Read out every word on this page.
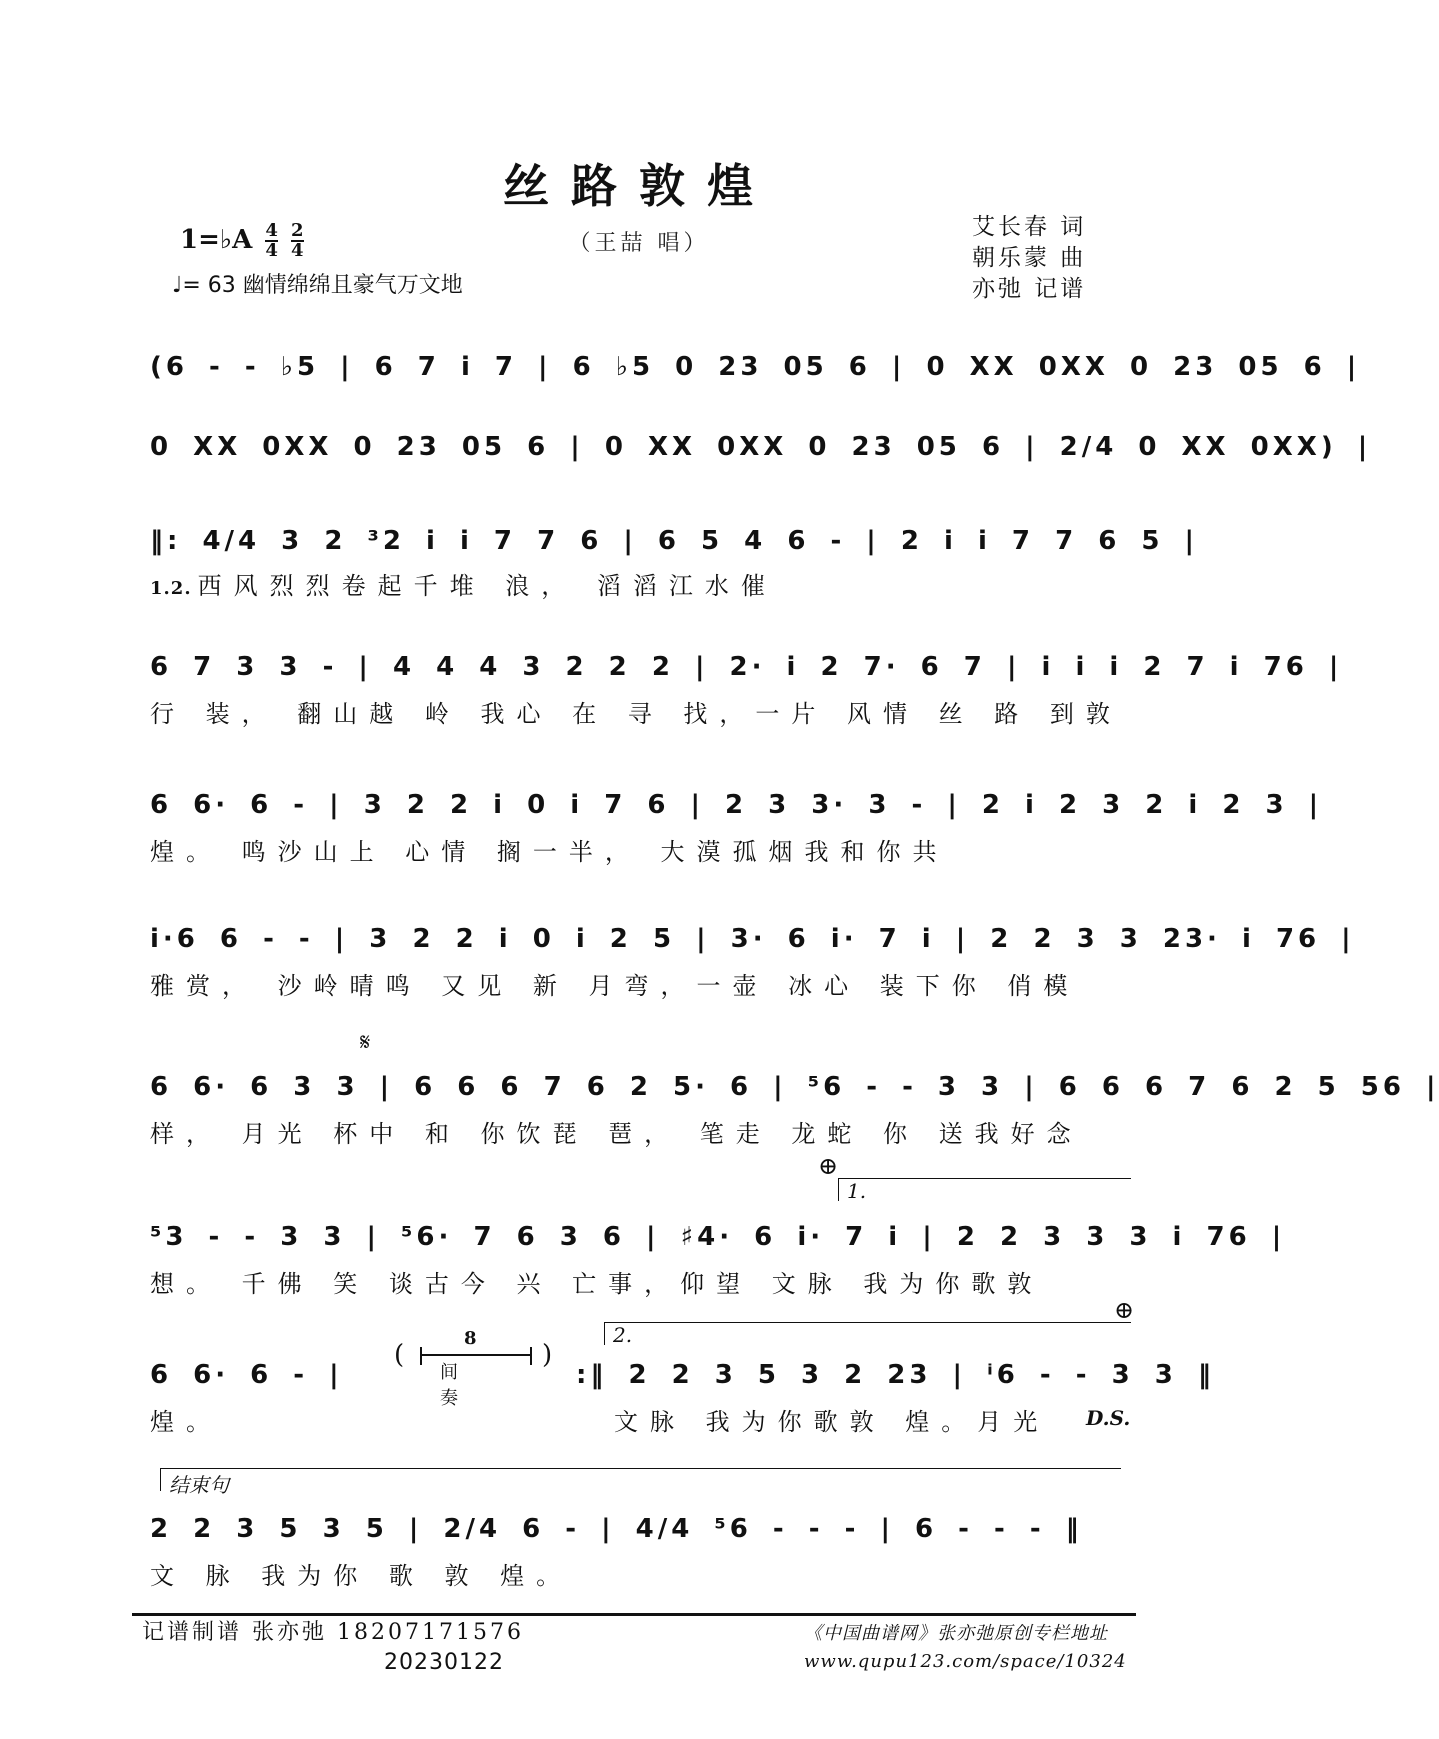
丝路敦煌
（王喆 唱）
1=♭A $\frac{4}{4}$
$\frac{2}{4}$
♩= 63 幽情绵绵且豪气万文地
艾长春 词
朝乐蒙 曲
亦弛 记谱
(6 - - ♭5 | 6 7 i 7 | 6 ♭5 0 23 05 6 | 0 XX 0XX 0 23 05 6 |
0 XX 0XX 0 23 05 6 | 0 XX 0XX 0 23 05 6 | 2/4 0 XX 0XX) |
‖: 4/4 3 2 ³2 i i 7 7 6 | 6 5 4 6 - | 2 i i 7 7 6 5 |
1.2. 西风烈烈卷起千堆 浪， 滔滔江水催
6 7 3 3 - | 4 4 4 3 2 2 2 | 2· i 2 7· 6 7 | i i i 2 7 i 76 |
行 装， 翻山越 岭 我心 在 寻 找，一片 风情 丝 路 到敦
6 6· 6 - | 3 2 2 i 0 i 7 6 | 2 3 3· 3 - | 2 i 2 3 2 i 2 3 |
煌。 鸣沙山上 心情 搁一半， 大漠孤烟我和你共
i·6 6 - - | 3 2 2 i 0 i 2 5 | 3· 6 i· 7 i | 2 2 3 3 23· i 76 |
雅赏， 沙岭晴鸣 又见 新 月弯，一壶 冰心 装下你 俏模
𝄋
6 6· 6 3 3 | 6 6 6 7 6 2 5· 6 | ⁵6 - - 3 3 | 6 6 6 7 6 2 5 56 |
样， 月光 杯中 和 你饮琵 琶， 笔走 龙蛇 你 送我好念
⊕
1.
⁵3 - - 3 3 | ⁵6· 7 6 3 6 | ♯4· 6 i· 7 i | 2 2 3 3 3 i 76 |
想。 千佛 笑 谈古今 兴 亡事，仰望 文脉 我为你歌敦
2.
⊕
6 6· 6 - |
(
8
间奏
)
:‖ 2 2 3 5 3 2 23 | ⁱ6 - - 3 3 ‖
煌。	文脉 我为你歌敦 煌。月光 D.S.
结束句
2 2 3 5 3 5 | 2/4 6 - | 4/4 ⁵6 - - - | 6 - - - ‖
文 脉 我为你 歌 敦 煌。
记谱制谱 张亦弛 18207171576
20230122
《中国曲谱网》张亦弛原创专栏地址
www.qupu123.com/space/10324
